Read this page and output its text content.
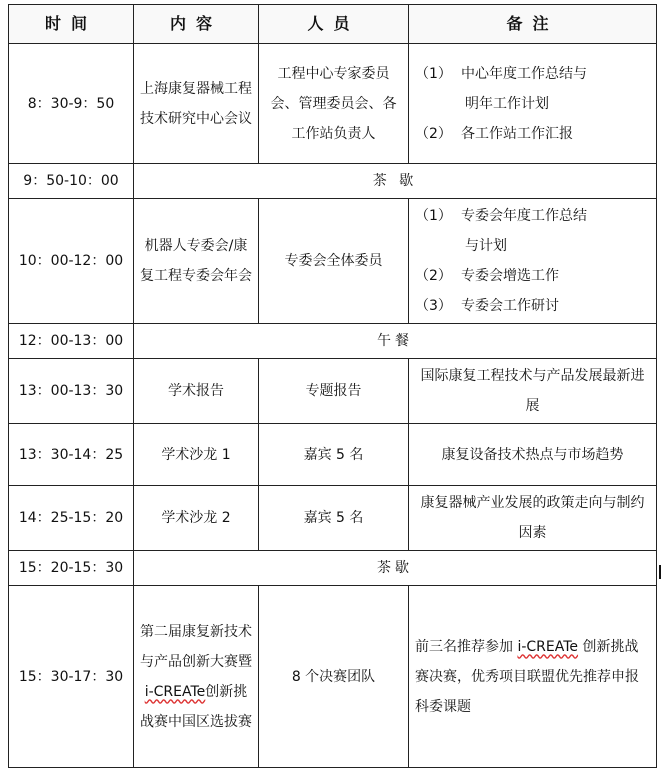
时间	内容	人员	备注
8：30-9：50	上海康复器械工程技术研究中心会议	工程中心专家委员会、管理委员会、各工作站负责人	（1） 中心年度工作总结与
明年工作计划
（2） 各工作站工作汇报

9：50-10：00	茶 歇		
10：00-12：00	机器人专委会/康复工程专委会年会	专委会全体委员	（1） 专委会年度工作总结
与计划
（2） 专委会增选工作
（3） 专委会工作研讨

12：00-13：00	午餐		
13：00-13：30	学术报告	专题报告	国际康复工程技术与产品发展最新进展
13：30-14：25	学术沙龙 1	嘉宾 5 名	康复设备技术热点与市场趋势
14：25-15：20	学术沙龙 2	嘉宾 5 名	康复器械产业发展的政策走向与制约因素
15：20-15：30	茶歇		
15：30-17：30	第二届康复新技术与产品创新大赛暨i-CREATe创新挑战赛中国区选拔赛	8 个决赛团队	前三名推荐参加 i-CREATe 创新挑战赛决赛，优秀项目联盟优先推荐申报科委课题
